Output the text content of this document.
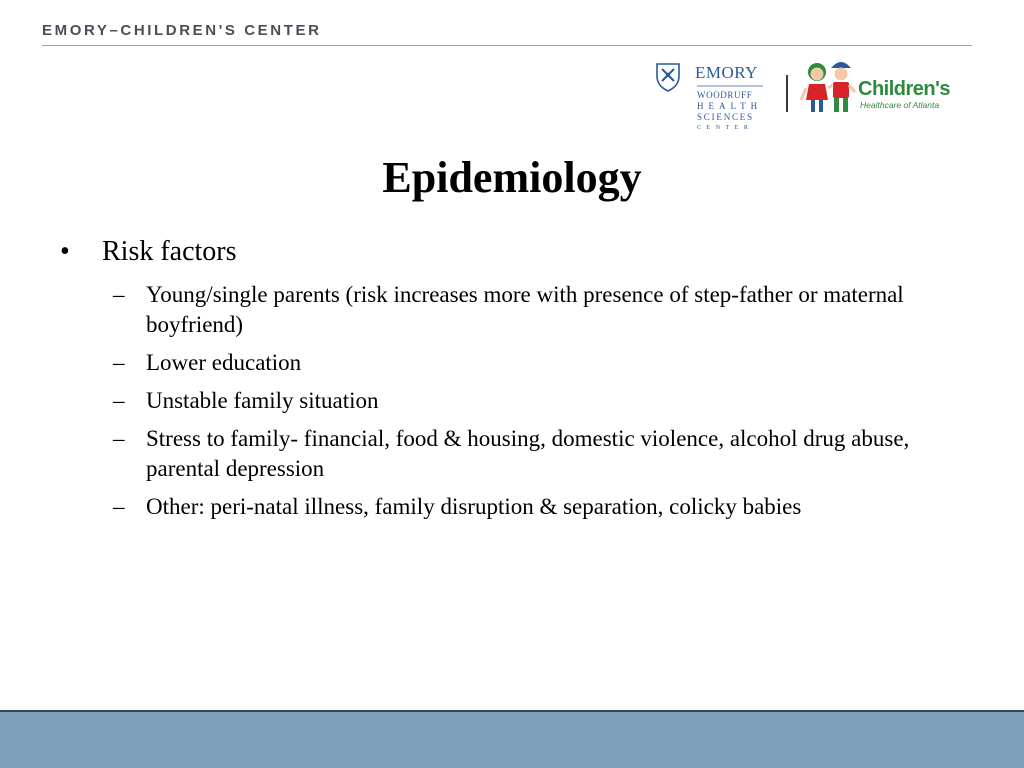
EMORY–CHILDREN'S CENTER
EMORY
WOODRUFF
HEALTH
SCIENCES
CENTER
Children's
Healthcare of Atlanta
Epidemiology
• Risk factors
– Young/single parents (risk increases more with presence of step-father or maternal boyfriend)
– Lower education
– Unstable family situation
– Stress to family- financial, food & housing, domestic violence, alcohol drug abuse, parental depression
– Other: peri-natal illness, family disruption & separation, colicky babies
